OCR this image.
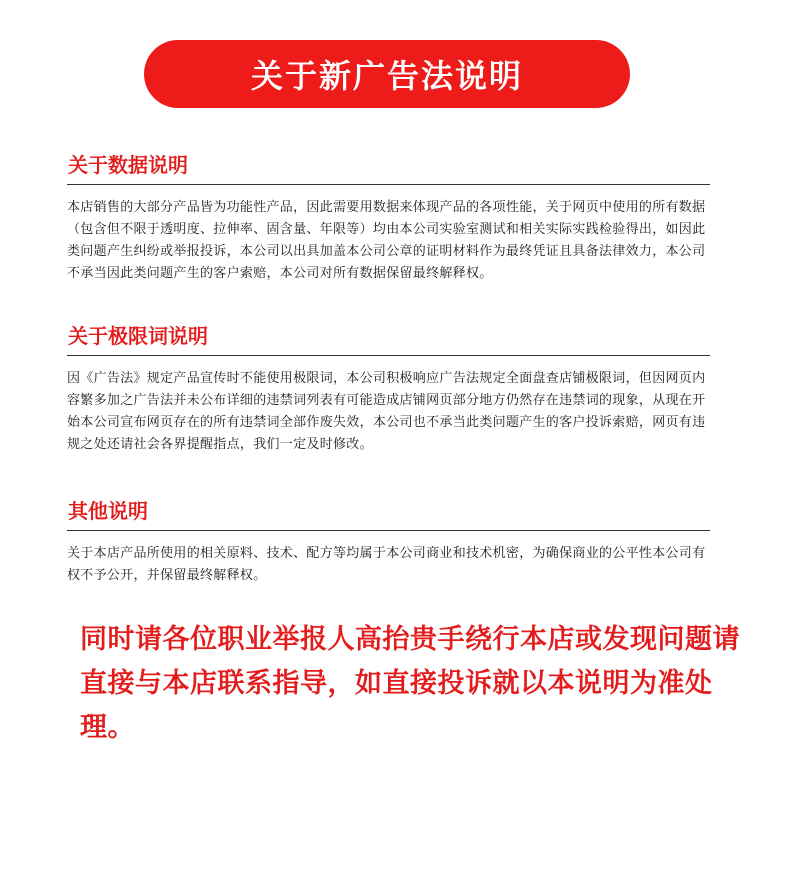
关于新广告法说明
关于数据说明

本店销售的大部分产品皆为功能性产品，因此需要用数据来体现产品的各项性能，关于网页中使用的所有数据（包含但不限于透明度、拉伸率、固含量、年限等）均由本公司实验室测试和相关实际实践检验得出，如因此类问题产生纠纷或举报投诉，本公司以出具加盖本公司公章的证明材料作为最终凭证且具备法律效力，本公司不承当因此类问题产生的客户索赔，本公司对所有数据保留最终解释权。

关于极限词说明

因《广告法》规定产品宣传时不能使用极限词，本公司积极响应广告法规定全面盘查店铺极限词，但因网页内容繁多加之广告法并未公布详细的违禁词列表有可能造成店铺网页部分地方仍然存在违禁词的现象，从现在开始本公司宣布网页存在的所有违禁词全部作废失效，本公司也不承当此类问题产生的客户投诉索赔，网页有违规之处还请社会各界提醒指点，我们一定及时修改。

其他说明

关于本店产品所使用的相关原料、技术、配方等均属于本公司商业和技术机密，为确保商业的公平性本公司有权不予公开，并保留最终解释权。

同时请各位职业举报人高抬贵手绕行本店或发现问题请直接与本店联系指导，如直接投诉就以本说明为准处理。
